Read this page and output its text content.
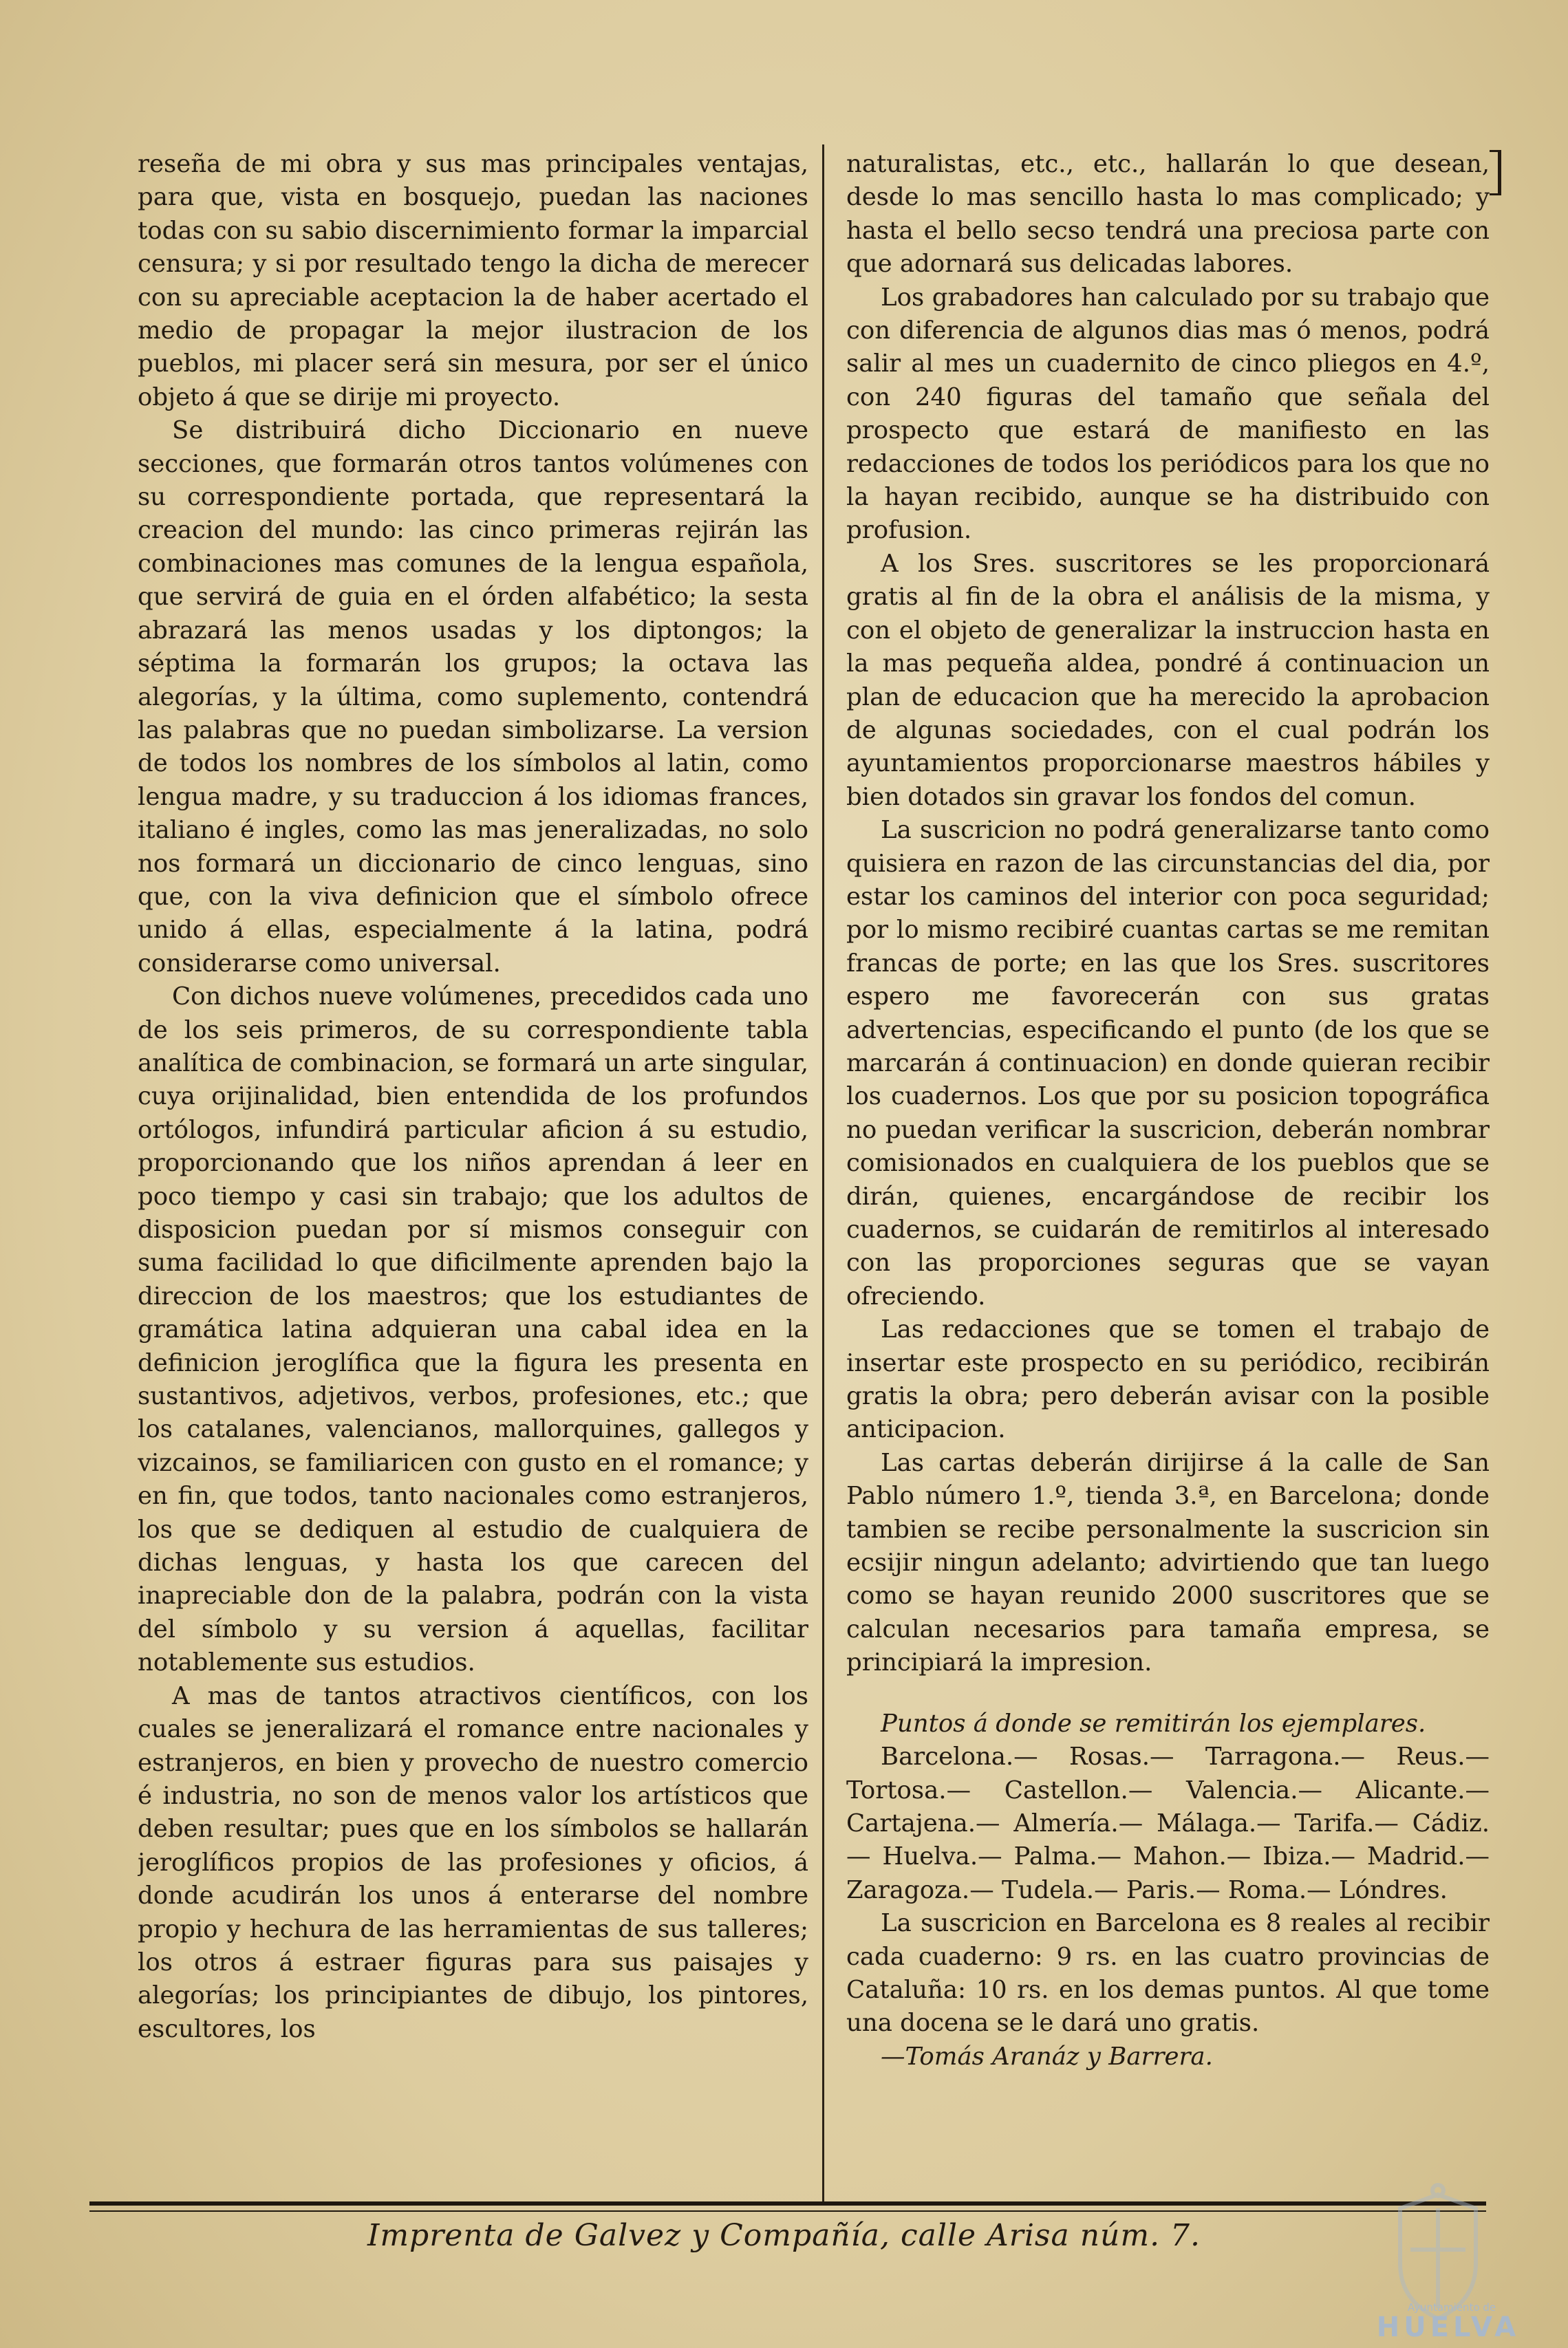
reseña de mi obra y sus mas principales ventajas, para que, vista en bosquejo, puedan las naciones todas con su sabio discernimiento formar la imparcial censura; y si por resultado tengo la dicha de merecer con su apreciable aceptacion la de haber acertado el medio de propagar la mejor ilustracion de los pueblos, mi placer será sin mesura, por ser el único objeto á que se dirije mi proyecto.

Se distribuirá dicho Diccionario en nueve secciones, que formarán otros tantos volúmenes con su correspondiente portada, que representará la creacion del mundo: las cinco primeras rejirán las combinaciones mas comunes de la lengua española, que servirá de guia en el órden alfabético; la sesta abrazará las menos usadas y los diptongos; la séptima la formarán los grupos; la octava las alegorías, y la última, como suplemento, contendrá las palabras que no puedan simbolizarse. La version de todos los nombres de los símbolos al latin, como lengua madre, y su traduccion á los idiomas frances, italiano é ingles, como las mas jeneralizadas, no solo nos formará un diccionario de cinco lenguas, sino que, con la viva definicion que el símbolo ofrece unido á ellas, especialmente á la latina, podrá considerarse como universal.

Con dichos nueve volúmenes, precedidos cada uno de los seis primeros, de su correspondiente tabla analítica de combinacion, se formará un arte singular, cuya orijinalidad, bien entendida de los profundos ortólogos, infundirá particular aficion á su estudio, proporcionando que los niños aprendan á leer en poco tiempo y casi sin trabajo; que los adultos de disposicion puedan por sí mismos conseguir con suma facilidad lo que dificilmente aprenden bajo la direccion de los maestros; que los estudiantes de gramática latina adquieran una cabal idea en la definicion jeroglífica que la figura les presenta en sustantivos, adjetivos, verbos, profesiones, etc.; que los catalanes, valencianos, mallorquines, gallegos y vizcainos, se familiaricen con gusto en el romance; y en fin, que todos, tanto nacionales como estranjeros, los que se dediquen al estudio de cualquiera de dichas lenguas, y hasta los que carecen del inapreciable don de la palabra, podrán con la vista del símbolo y su version á aquellas, facilitar notablemente sus estudios.

A mas de tantos atractivos científicos, con los cuales se jeneralizará el romance entre nacionales y estranjeros, en bien y provecho de nuestro comercio é industria, no son de menos valor los artísticos que deben resultar; pues que en los símbolos se hallarán jeroglíficos propios de las profesiones y oficios, á donde acudirán los unos á enterarse del nombre propio y hechura de las herramientas de sus talleres; los otros á estraer figuras para sus paisajes y alegorías; los principiantes de dibujo, los pintores, escultores, los

naturalistas, etc., etc., hallarán lo que desean, desde lo mas sencillo hasta lo mas complicado; y hasta el bello secso tendrá una preciosa parte con que adornará sus delicadas labores.

Los grabadores han calculado por su trabajo que con diferencia de algunos dias mas ó menos, podrá salir al mes un cuadernito de cinco pliegos en 4.º, con 240 figuras del tamaño que señala del prospecto que estará de manifiesto en las redacciones de todos los periódicos para los que no la hayan recibido, aunque se ha distribuido con profusion.

A los Sres. suscritores se les proporcionará gratis al fin de la obra el análisis de la misma, y con el objeto de generalizar la instruccion hasta en la mas pequeña aldea, pondré á continuacion un plan de educacion que ha merecido la aprobacion de algunas sociedades, con el cual podrán los ayuntamientos proporcionarse maestros hábiles y bien dotados sin gravar los fondos del comun.

La suscricion no podrá generalizarse tanto como quisiera en razon de las circunstancias del dia, por estar los caminos del interior con poca seguridad; por lo mismo recibiré cuantas cartas se me remitan francas de porte; en las que los Sres. suscritores espero me favorecerán con sus gratas advertencias, especificando el punto (de los que se marcarán á continuacion) en donde quieran recibir los cuadernos. Los que por su posicion topográfica no puedan verificar la suscricion, deberán nombrar comisionados en cualquiera de los pueblos que se dirán, quienes, encargándose de recibir los cuadernos, se cuidarán de remitirlos al interesado con las proporciones seguras que se vayan ofreciendo.

Las redacciones que se tomen el trabajo de insertar este prospecto en su periódico, recibirán gratis la obra; pero deberán avisar con la posible anticipacion.

Las cartas deberán dirijirse á la calle de San Pablo número 1.º, tienda 3.ª, en Barcelona; donde tambien se recibe personalmente la suscricion sin ecsijir ningun adelanto; advirtiendo que tan luego como se hayan reunido 2000 suscritores que se calculan necesarios para tamaña empresa, se principiará la impresion.

Puntos á donde se remitirán los ejemplares.

Barcelona.— Rosas.— Tarragona.— Reus.— Tortosa.— Castellon.— Valencia.— Alicante.— Cartajena.— Almería.— Málaga.— Tarifa.— Cádiz.— Huelva.— Palma.— Mahon.— Ibiza.— Madrid.— Zaragoza.— Tudela.— Paris.— Roma.— Lóndres.

La suscricion en Barcelona es 8 reales al recibir cada cuaderno: 9 rs. en las cuatro provincias de Cataluña: 10 rs. en los demas puntos. Al que tome una docena se le dará uno gratis.

—Tomás Aranáz y Barrera.

Imprenta de Galvez y Compañía, calle Arisa núm. 7.
Ayuntamiento de
HUELVA
